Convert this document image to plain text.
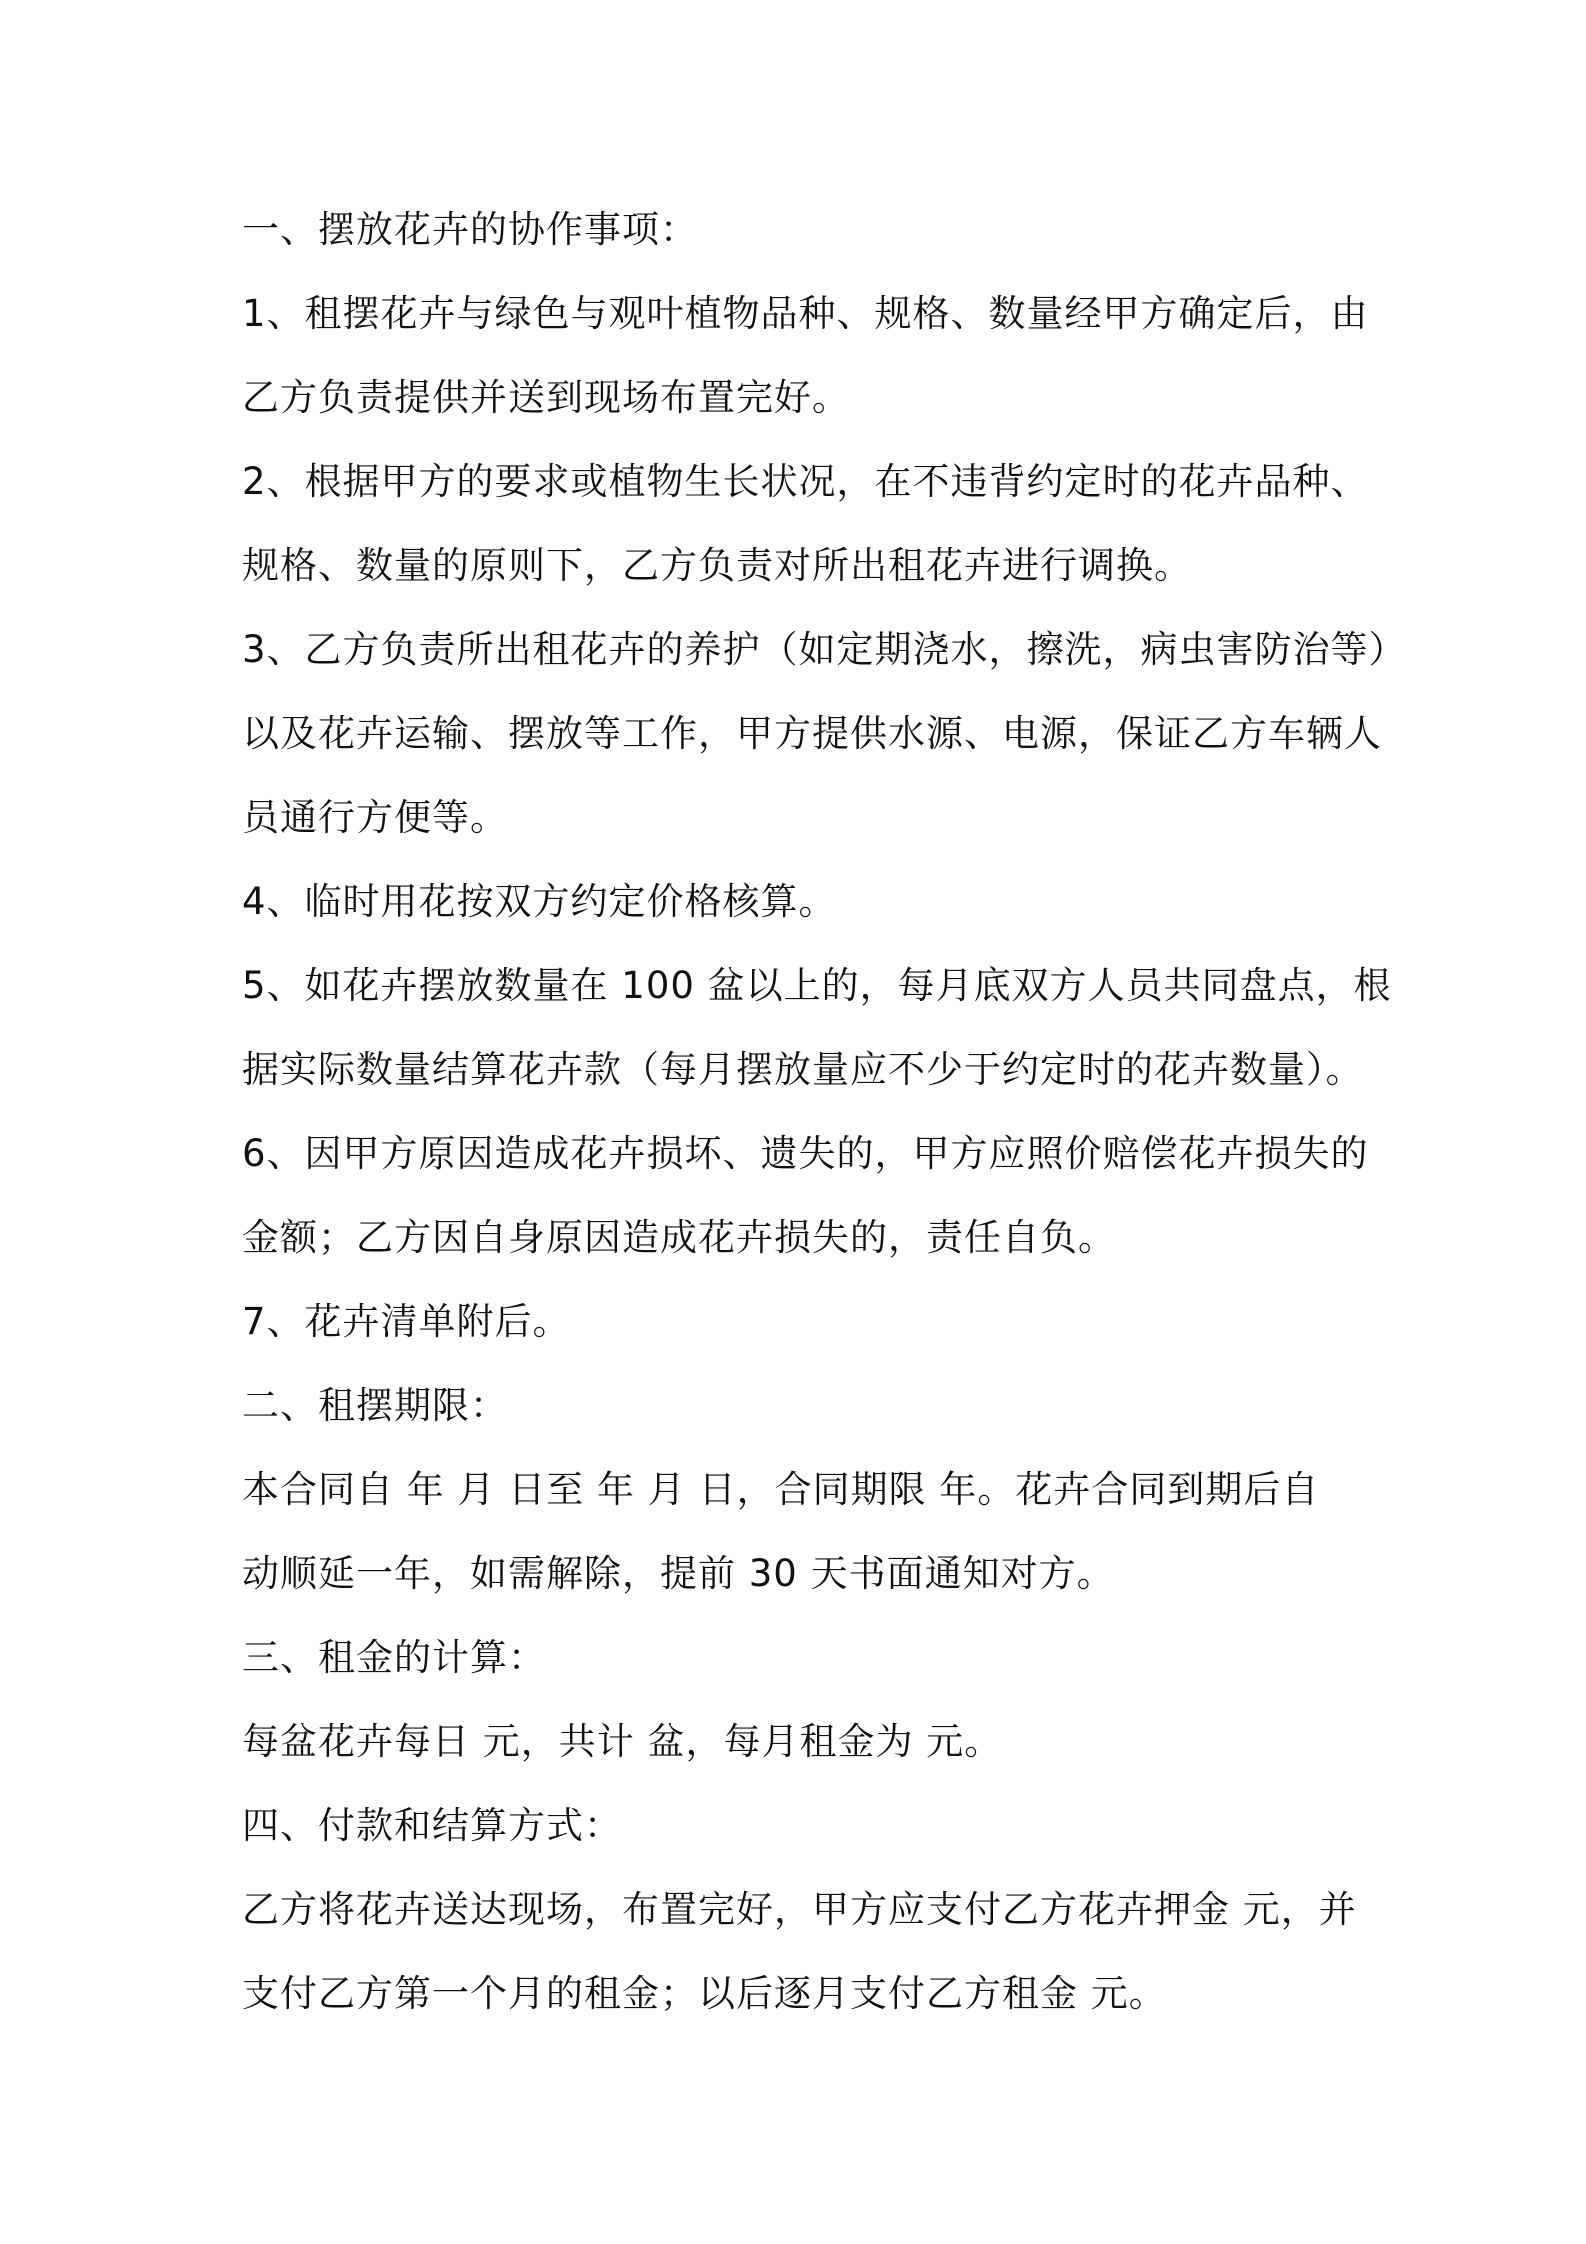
一、摆放花卉的协作事项：
1、租摆花卉与绿色与观叶植物品种、规格、数量经甲方确定后，由
乙方负责提供并送到现场布置完好。
2、根据甲方的要求或植物生长状况，在不违背约定时的花卉品种、
规格、数量的原则下，乙方负责对所出租花卉进行调换。
3、乙方负责所出租花卉的养护（如定期浇水，擦洗，病虫害防治等）
以及花卉运输、摆放等工作，甲方提供水源、电源，保证乙方车辆人
员通行方便等。
4、临时用花按双方约定价格核算。
5、如花卉摆放数量在 100 盆以上的，每月底双方人员共同盘点，根
据实际数量结算花卉款（每月摆放量应不少于约定时的花卉数量）。
6、因甲方原因造成花卉损坏、遗失的，甲方应照价赔偿花卉损失的
金额；乙方因自身原因造成花卉损失的，责任自负。
7、花卉清单附后。
二、租摆期限：
本合同自 年 月 日至 年 月 日，合同期限 年。花卉合同到期后自
动顺延一年，如需解除，提前 30 天书面通知对方。
三、租金的计算：
每盆花卉每日 元，共计 盆，每月租金为 元。
四、付款和结算方式：
乙方将花卉送达现场，布置完好，甲方应支付乙方花卉押金 元，并
支付乙方第一个月的租金；以后逐月支付乙方租金 元。
